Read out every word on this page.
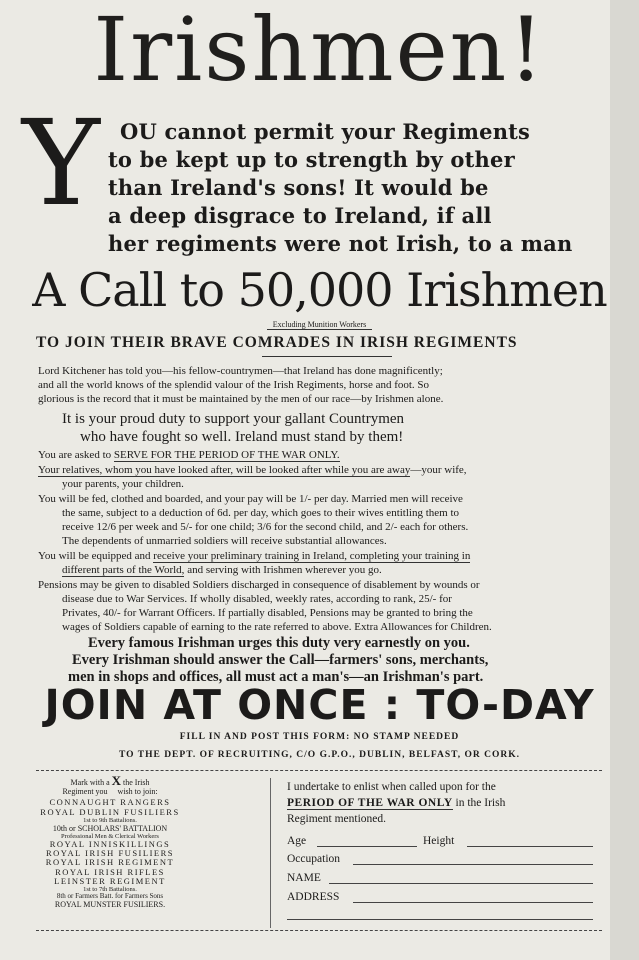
Irishmen!
Y OU cannot permit your Regiments
to be kept up to strength by other
than Ireland's sons! It would be
a deep disgrace to Ireland, if all
her regiments were not Irish, to a man
A Call to 50,000 Irishmen
Excluding Munition Workers
TO JOIN THEIR BRAVE COMRADES IN IRISH REGIMENTS
Lord Kitchener has told you—his fellow-countrymen—that Ireland has done magnificently;
and all the world knows of the splendid valour of the Irish Regiments, horse and foot. So
glorious is the record that it must be maintained by the men of our race—by Irishmen alone.
It is your proud duty to support your gallant Countrymen
who have fought so well. Ireland must stand by them!
You are asked to SERVE FOR THE PERIOD OF THE WAR ONLY.
Your relatives, whom you have looked after, will be looked after while you are away—your wife,
your parents, your children.
You will be fed, clothed and boarded, and your pay will be 1/- per day. Married men will receive
the same, subject to a deduction of 6d. per day, which goes to their wives entitling them to
receive 12/6 per week and 5/- for one child; 3/6 for the second child, and 2/- each for others.
The dependents of unmarried soldiers will receive substantial allowances.
You will be equipped and receive your preliminary training in Ireland, completing your training in
different parts of the World, and serving with Irishmen wherever you go.
Pensions may be given to disabled Soldiers discharged in consequence of disablement by wounds or
disease due to War Services. If wholly disabled, weekly rates, according to rank, 25/- for
Privates, 40/- for Warrant Officers. If partially disabled, Pensions may be granted to bring the
wages of Soldiers capable of earning to the rate referred to above. Extra Allowances for Children.
Every famous Irishman urges this duty very earnestly on you.
Every Irishman should answer the Call—farmers' sons, merchants,
men in shops and offices, all must act a man's—an Irishman's part.
JOIN AT ONCE : TO-DAY
FILL IN AND POST THIS FORM: NO STAMP NEEDED
TO THE DEPT. OF RECRUITING, C/O G.P.O., DUBLIN, BELFAST, OR CORK.
Mark with a X the Irish
Regiment you wish to join:
CONNAUGHT RANGERS
ROYAL DUBLIN FUSILIERS
1st to 9th Battalions.
10th or SCHOLARS' BATTALION
Professional Men & Clerical Workers
ROYAL INNISKILLINGS
ROYAL IRISH FUSILIERS
ROYAL IRISH REGIMENT
ROYAL IRISH RIFLES
LEINSTER REGIMENT
1st to 7th Battalions.
8th or Farmers Batt. for Farmers Sons
ROYAL MUNSTER FUSILIERS.
I undertake to enlist when called upon for the
PERIOD OF THE WAR ONLY in the Irish
Regiment mentioned.
Age	Height
Occupation
NAME
ADDRESS
